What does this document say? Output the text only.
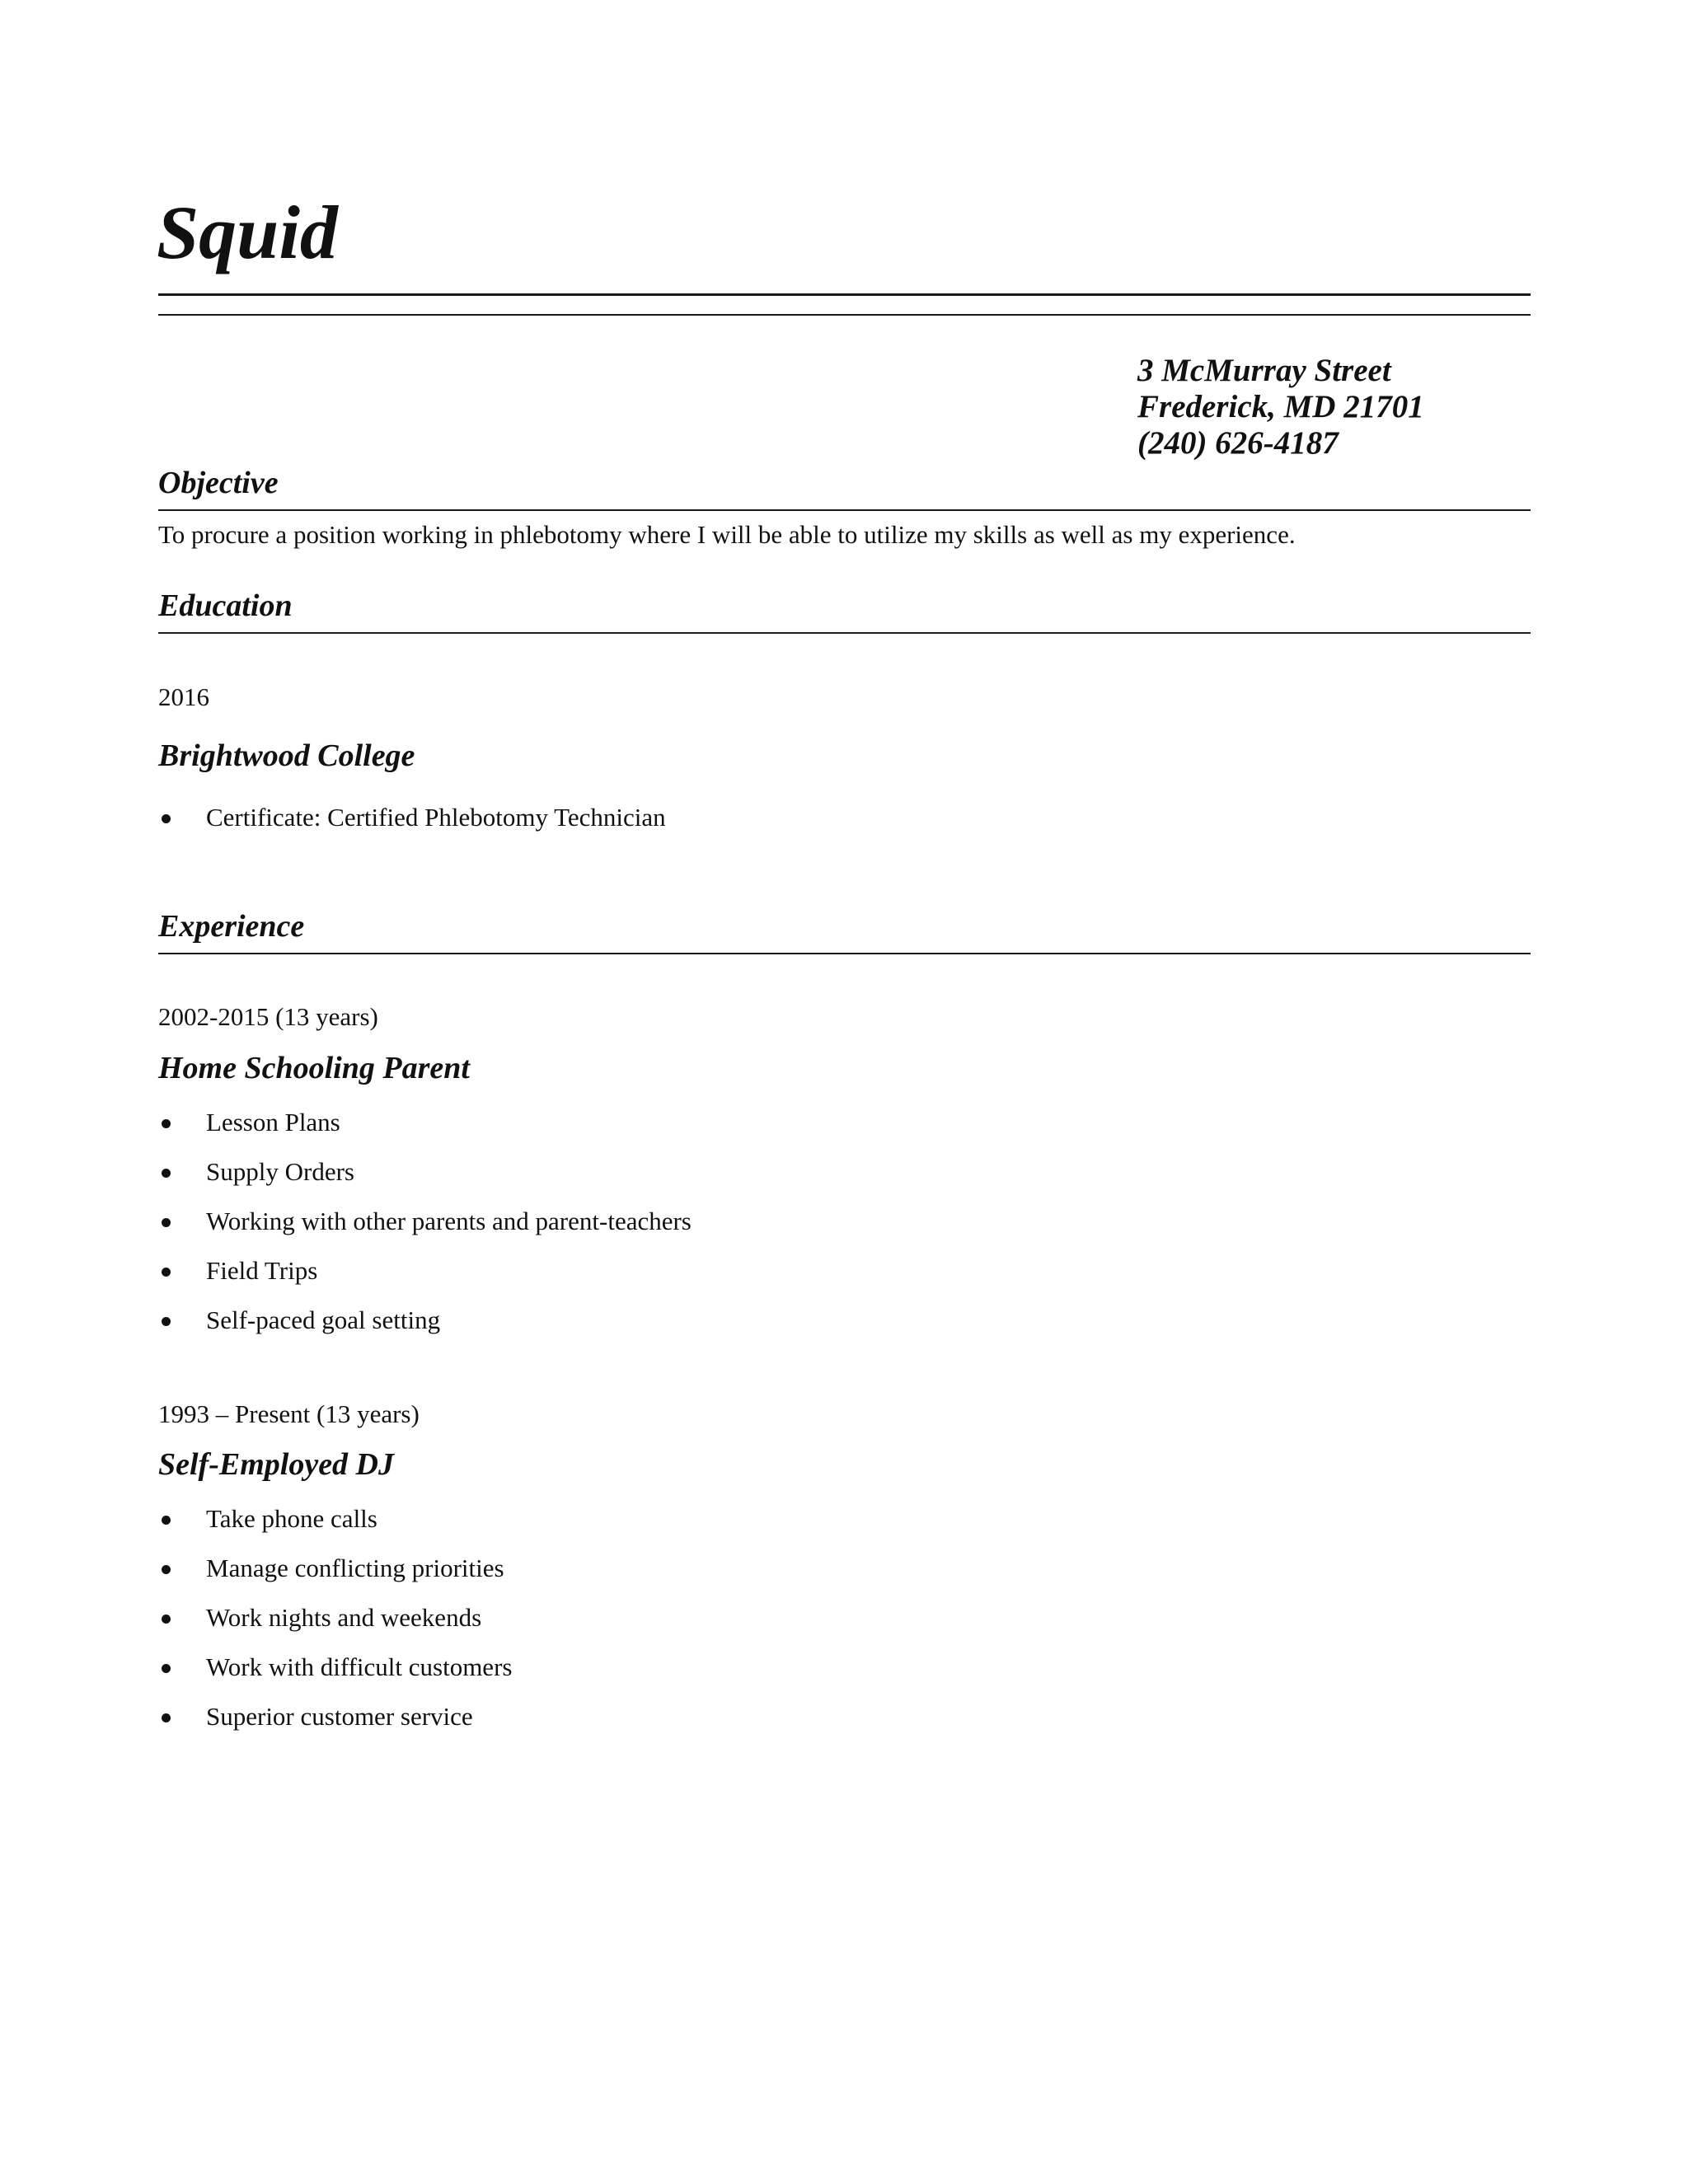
Squid
3 McMurray Street
Frederick, MD 21701
(240) 626-4187
Objective
To procure a position working in phlebotomy where I will be able to utilize my skills as well as my experience.
Education
2016
Brightwood College
Certificate: Certified Phlebotomy Technician
Experience
2002-2015 (13 years)
Home Schooling Parent
Lesson Plans
Supply Orders
Working with other parents and parent-teachers
Field Trips
Self-paced goal setting
1993 – Present (13 years)
Self-Employed DJ
Take phone calls
Manage conflicting priorities
Work nights and weekends
Work with difficult customers
Superior customer service
